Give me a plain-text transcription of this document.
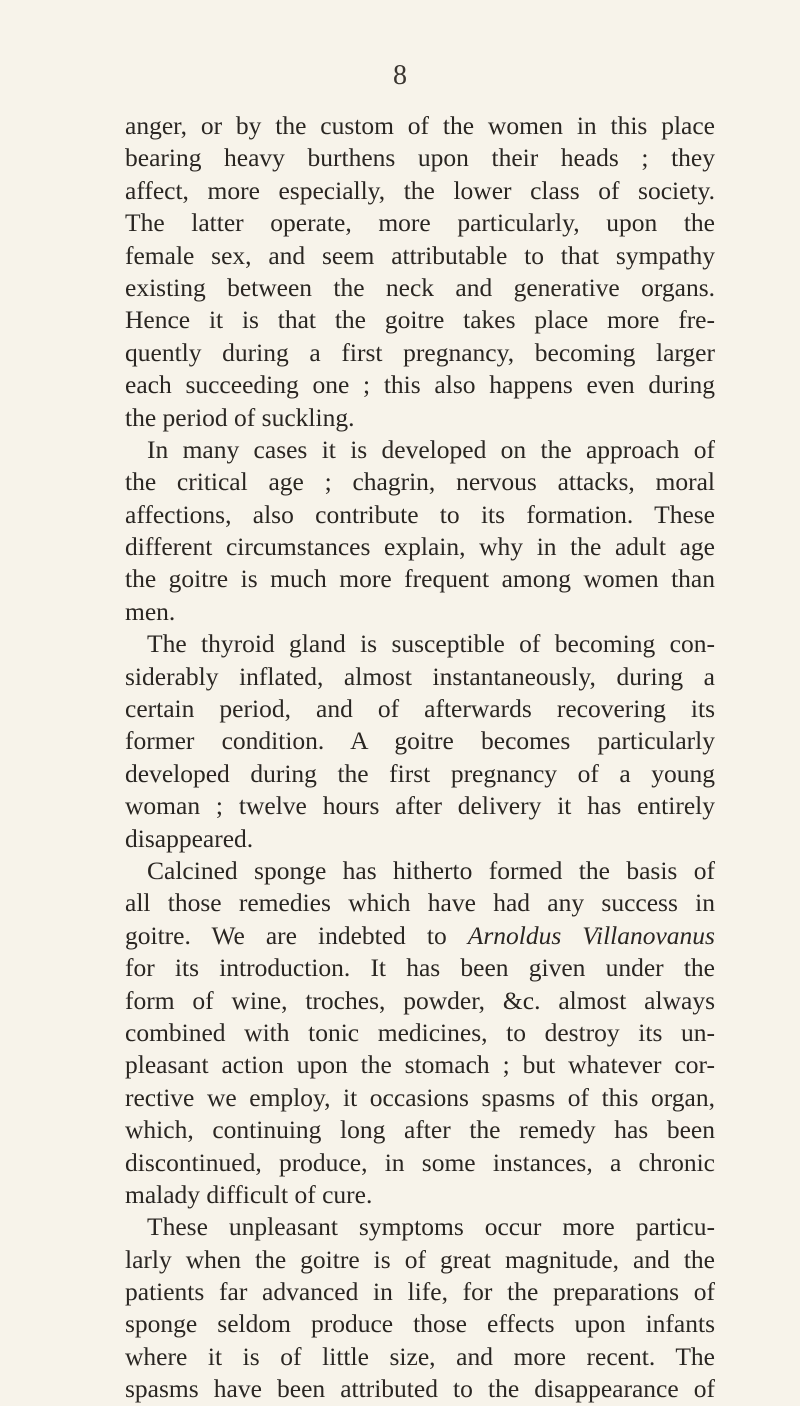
8
anger, or by the custom of the women in this place
bearing heavy burthens upon their heads ; they
affect, more especially, the lower class of society.
The latter operate, more particularly, upon the
female sex, and seem attributable to that sympathy
existing between the neck and generative organs.
Hence it is that the goitre takes place more fre-
quently during a first pregnancy, becoming larger
each succeeding one ; this also happens even during
the period of suckling.
In many cases it is developed on the approach of
the critical age ; chagrin, nervous attacks, moral
affections, also contribute to its formation. These
different circumstances explain, why in the adult age
the goitre is much more frequent among women than
men.
The thyroid gland is susceptible of becoming con-
siderably inflated, almost instantaneously, during a
certain period, and of afterwards recovering its
former condition. A goitre becomes particularly
developed during the first pregnancy of a young
woman ; twelve hours after delivery it has entirely
disappeared.
Calcined sponge has hitherto formed the basis of
all those remedies which have had any success in
goitre. We are indebted to Arnoldus Villanovanus
for its introduction. It has been given under the
form of wine, troches, powder, &c. almost always
combined with tonic medicines, to destroy its un-
pleasant action upon the stomach ; but whatever cor-
rective we employ, it occasions spasms of this organ,
which, continuing long after the remedy has been
discontinued, produce, in some instances, a chronic
malady difficult of cure.
These unpleasant symptoms occur more particu-
larly when the goitre is of great magnitude, and the
patients far advanced in life, for the preparations of
sponge seldom produce those effects upon infants
where it is of little size, and more recent. The
spasms have been attributed to the disappearance of
